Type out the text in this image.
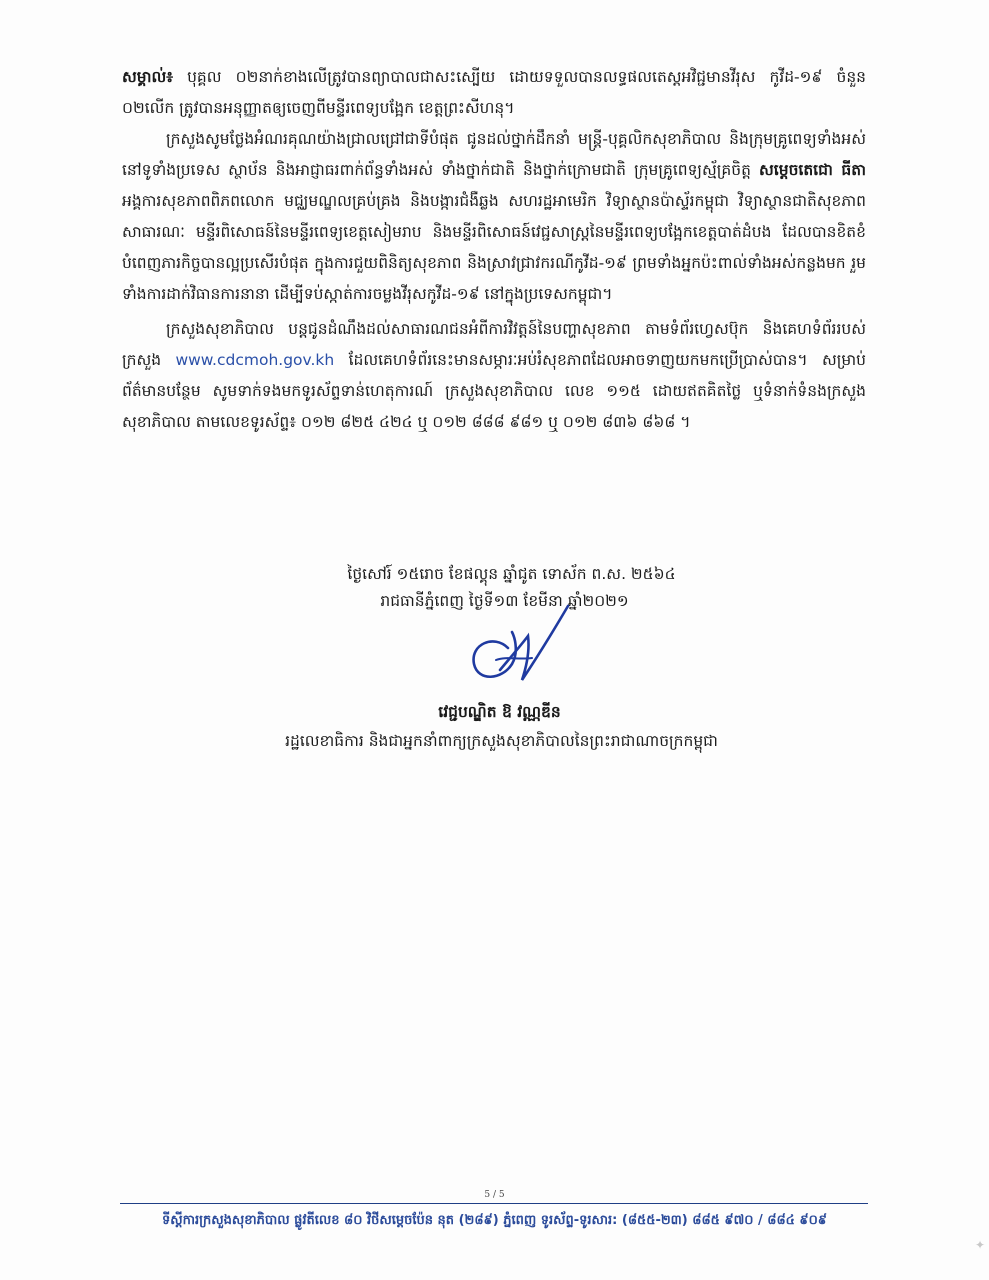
សម្គាល់៖ បុគ្គល ០២នាក់ខាងលើត្រូវបានព្យាបាលជាសះស្បើយ ដោយទទួលបានលទ្ធផលតេស្តអវិជ្ជមានវីរុស កូវីដ-១៩ ចំនួន ០២លើក ត្រូវបានអនុញ្ញាតឲ្យចេញពីមន្ទីរពេទ្យបង្អែក ខេត្តព្រះសីហនុ។

ក្រសួងសូមថ្លែងអំណរគុណយ៉ាងជ្រាលជ្រៅជាទីបំផុត ជូនដល់ថ្នាក់ដឹកនាំ មន្ត្រី-បុគ្គលិកសុខាភិបាល និងក្រុមគ្រូពេទ្យទាំងអស់នៅទូទាំងប្រទេស ស្ថាប័ន និងអាជ្ញាធរពាក់ព័ន្ធទាំងអស់ ទាំងថ្នាក់ជាតិ និងថ្នាក់ក្រោមជាតិ ក្រុមគ្រូពេទ្យស្ម័គ្រចិត្ត សម្តេចតេជោ ធីតា អង្គការសុខភាពពិភពលោក មជ្ឈមណ្ឌលគ្រប់គ្រង និងបង្ការជំងឺឆ្លង សហរដ្ឋអាមេរិក វិទ្យាស្ថានប៉ាស្ទ័រកម្ពុជា វិទ្យាស្ថានជាតិសុខភាពសាធារណៈ មន្ទីរពិសោធន៍នៃមន្ទីរពេទ្យខេត្តសៀមរាប និងមន្ទីរពិសោធន៍វេជ្ជសាស្ត្រនៃមន្ទីរពេទ្យបង្អែកខេត្តបាត់ដំបង ដែលបានខិតខំបំពេញភារកិច្ចបានល្អប្រសើរបំផុត ក្នុងការជួយពិនិត្យសុខភាព និងស្រាវជ្រាវករណីកូវីដ-១៩ ព្រមទាំងអ្នកប៉ះពាល់ទាំងអស់កន្លងមក រួមទាំងការដាក់វិធានការនានា ដើម្បីទប់ស្កាត់ការចម្លងវីរុសកូវីដ-១៩ នៅក្នុងប្រទេសកម្ពុជា។

ក្រសួងសុខាភិបាល បន្តជូនដំណឹងដល់សាធារណជនអំពីការវិវត្តន៍នៃបញ្ហាសុខភាព តាមទំព័រហ្វេសប៊ុក និងគេហទំព័ររបស់ក្រសួង www.cdcmoh.gov.kh ដែលគេហទំព័រនេះមានសម្ភារៈអប់រំសុខភាពដែលអាចទាញយកមកប្រើប្រាស់បាន។ សម្រាប់ព័ត៌មានបន្ថែម សូមទាក់ទងមកទូរស័ព្ទទាន់ហេតុការណ៍ ក្រសួងសុខាភិបាល លេខ ១១៥ ដោយឥតគិតថ្លៃ ឬទំនាក់ទំនងក្រសួងសុខាភិបាល តាមលេខទូរស័ព្ទ៖ ០១២ ៨២៥ ៤២៤ ឬ ០១២ ៨៨៨ ៩៨១ ឬ ០១២ ៨៣៦ ៨៦៨ ។

ថ្ងៃសៅរ៍ ១៥រោច ខែផល្គុន ឆ្នាំជូត ទោស័ក ព.ស. ២៥៦៤
រាជធានីភ្នំពេញ ថ្ងៃទី១៣ ខែមីនា ឆ្នាំ២០២១
វេជ្ជបណ្ឌិត ឱ វណ្ណឌីន
រដ្ឋលេខាធិការ និងជាអ្នកនាំពាក្យក្រសួងសុខាភិបាលនៃព្រះរាជាណាចក្រកម្ពុជា
5 / 5
ទីស្តីការក្រសួងសុខាភិបាល ផ្លូវតីលេខ ៨០ វិថីសម្តេចប៉ែន នុត (២៨៩) ភ្នំពេញ ទូរស័ព្ទ-ទូរសារ: (៨៥៥-២៣) ៨៨៥ ៩៧០ / ៨៨៤ ៩០៩
✦
